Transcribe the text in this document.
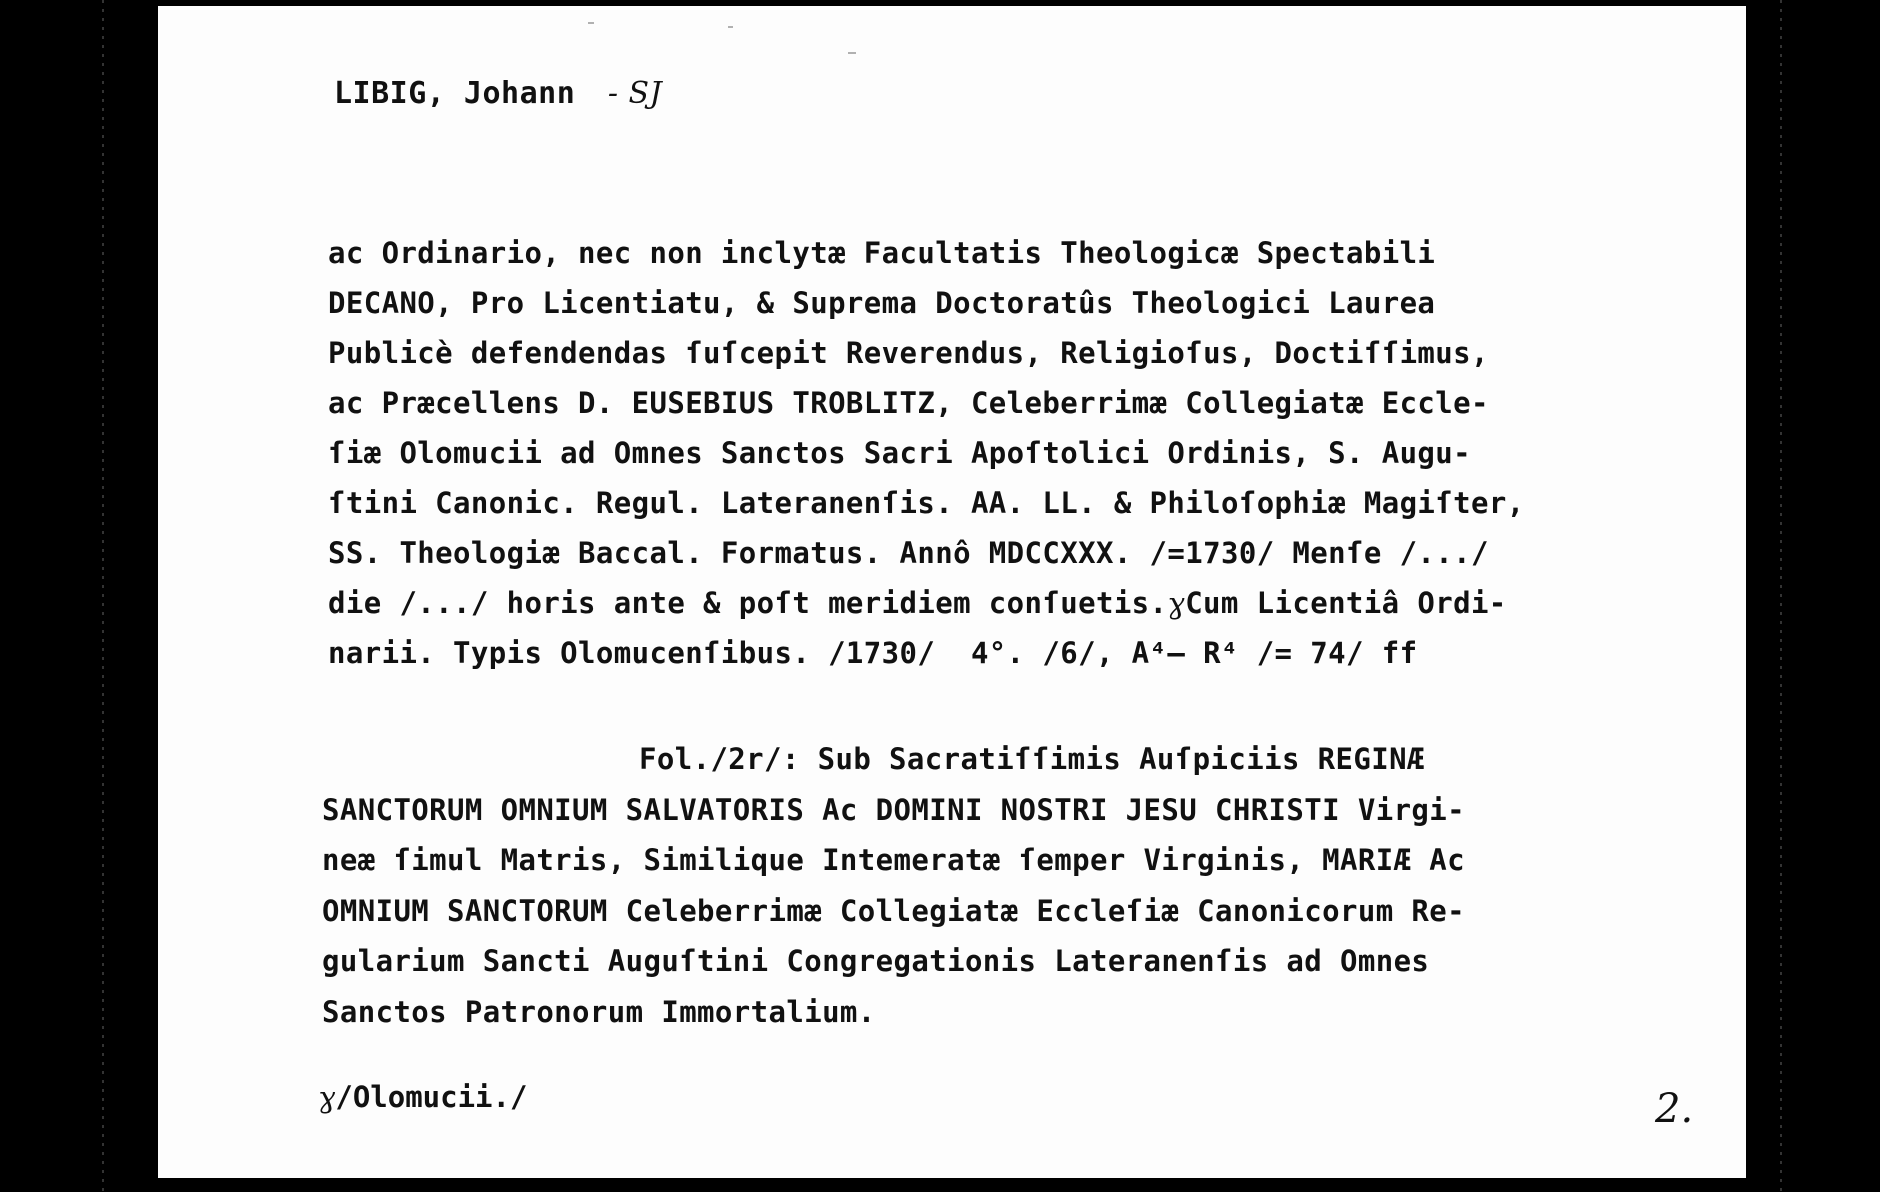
LIBIG, Johann - SJ
ac Ordinario, nec non inclytæ Facultatis Theologicæ Spectabili
DECANO, Pro Licentiatu, & Suprema Doctoratûs Theologici Laurea
Publicè defendendas ſuſcepit Reverendus, Religioſus, Doctiſſimus,
ac Præcellens D. EUSEBIUS TROBLITZ, Celeberrimæ Collegiatæ Eccle-
ſiæ Olomucii ad Omnes Sanctos Sacri Apoſtolici Ordinis, S. Augu-
ſtini Canonic. Regul. Lateranenſis. AA. LL. & Philoſophiæ Magiſter,
SS. Theologiæ Baccal. Formatus. Annô MDCCXXX. /=1730/ Menſe /.../
die /.../ horis ante & poſt meridiem conſuetis.ɣCum Licentiâ Ordi-
narii. Typis Olomucenſibus. /1730/  4°. /6/, A⁴– R⁴ /= 74/ ff
Fol./2r/: Sub Sacratiſſimis Auſpiciis REGINÆ
SANCTORUM OMNIUM SALVATORIS Ac DOMINI NOSTRI JESU CHRISTI Virgi-
neæ ſimul Matris, Similique Intemeratæ ſemper Virginis, MARIÆ Ac
OMNIUM SANCTORUM Celeberrimæ Collegiatæ Eccleſiæ Canonicorum Re-
gularium Sancti Auguſtini Congregationis Lateranenſis ad Omnes
Sanctos Patronorum Immortalium.
ɣ/Olomucii./	2.
